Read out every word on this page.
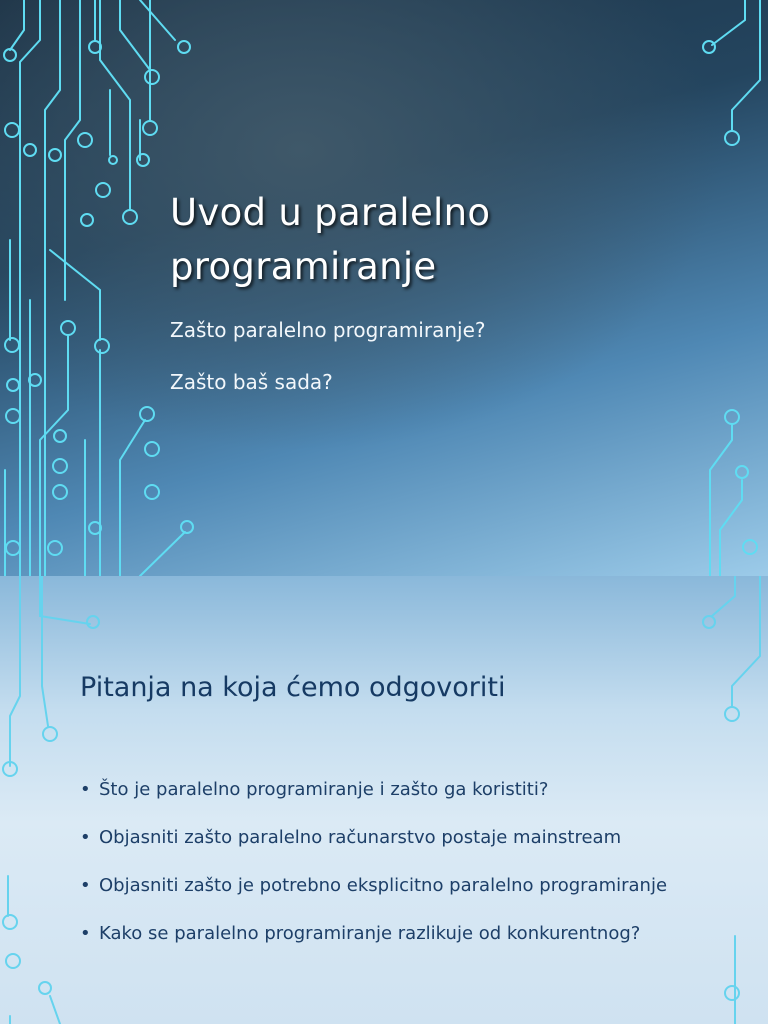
Uvod u paralelno
programiranje

Zašto paralelno programiranje?

Zašto baš sada?

Pitanja na koja ćemo odgovoriti
• Što je paralelno programiranje i zašto ga koristiti?
• Objasniti zašto paralelno računarstvo postaje mainstream
• Objasniti zašto je potrebno eksplicitno paralelno programiranje
• Kako se paralelno programiranje razlikuje od konkurentnog?
